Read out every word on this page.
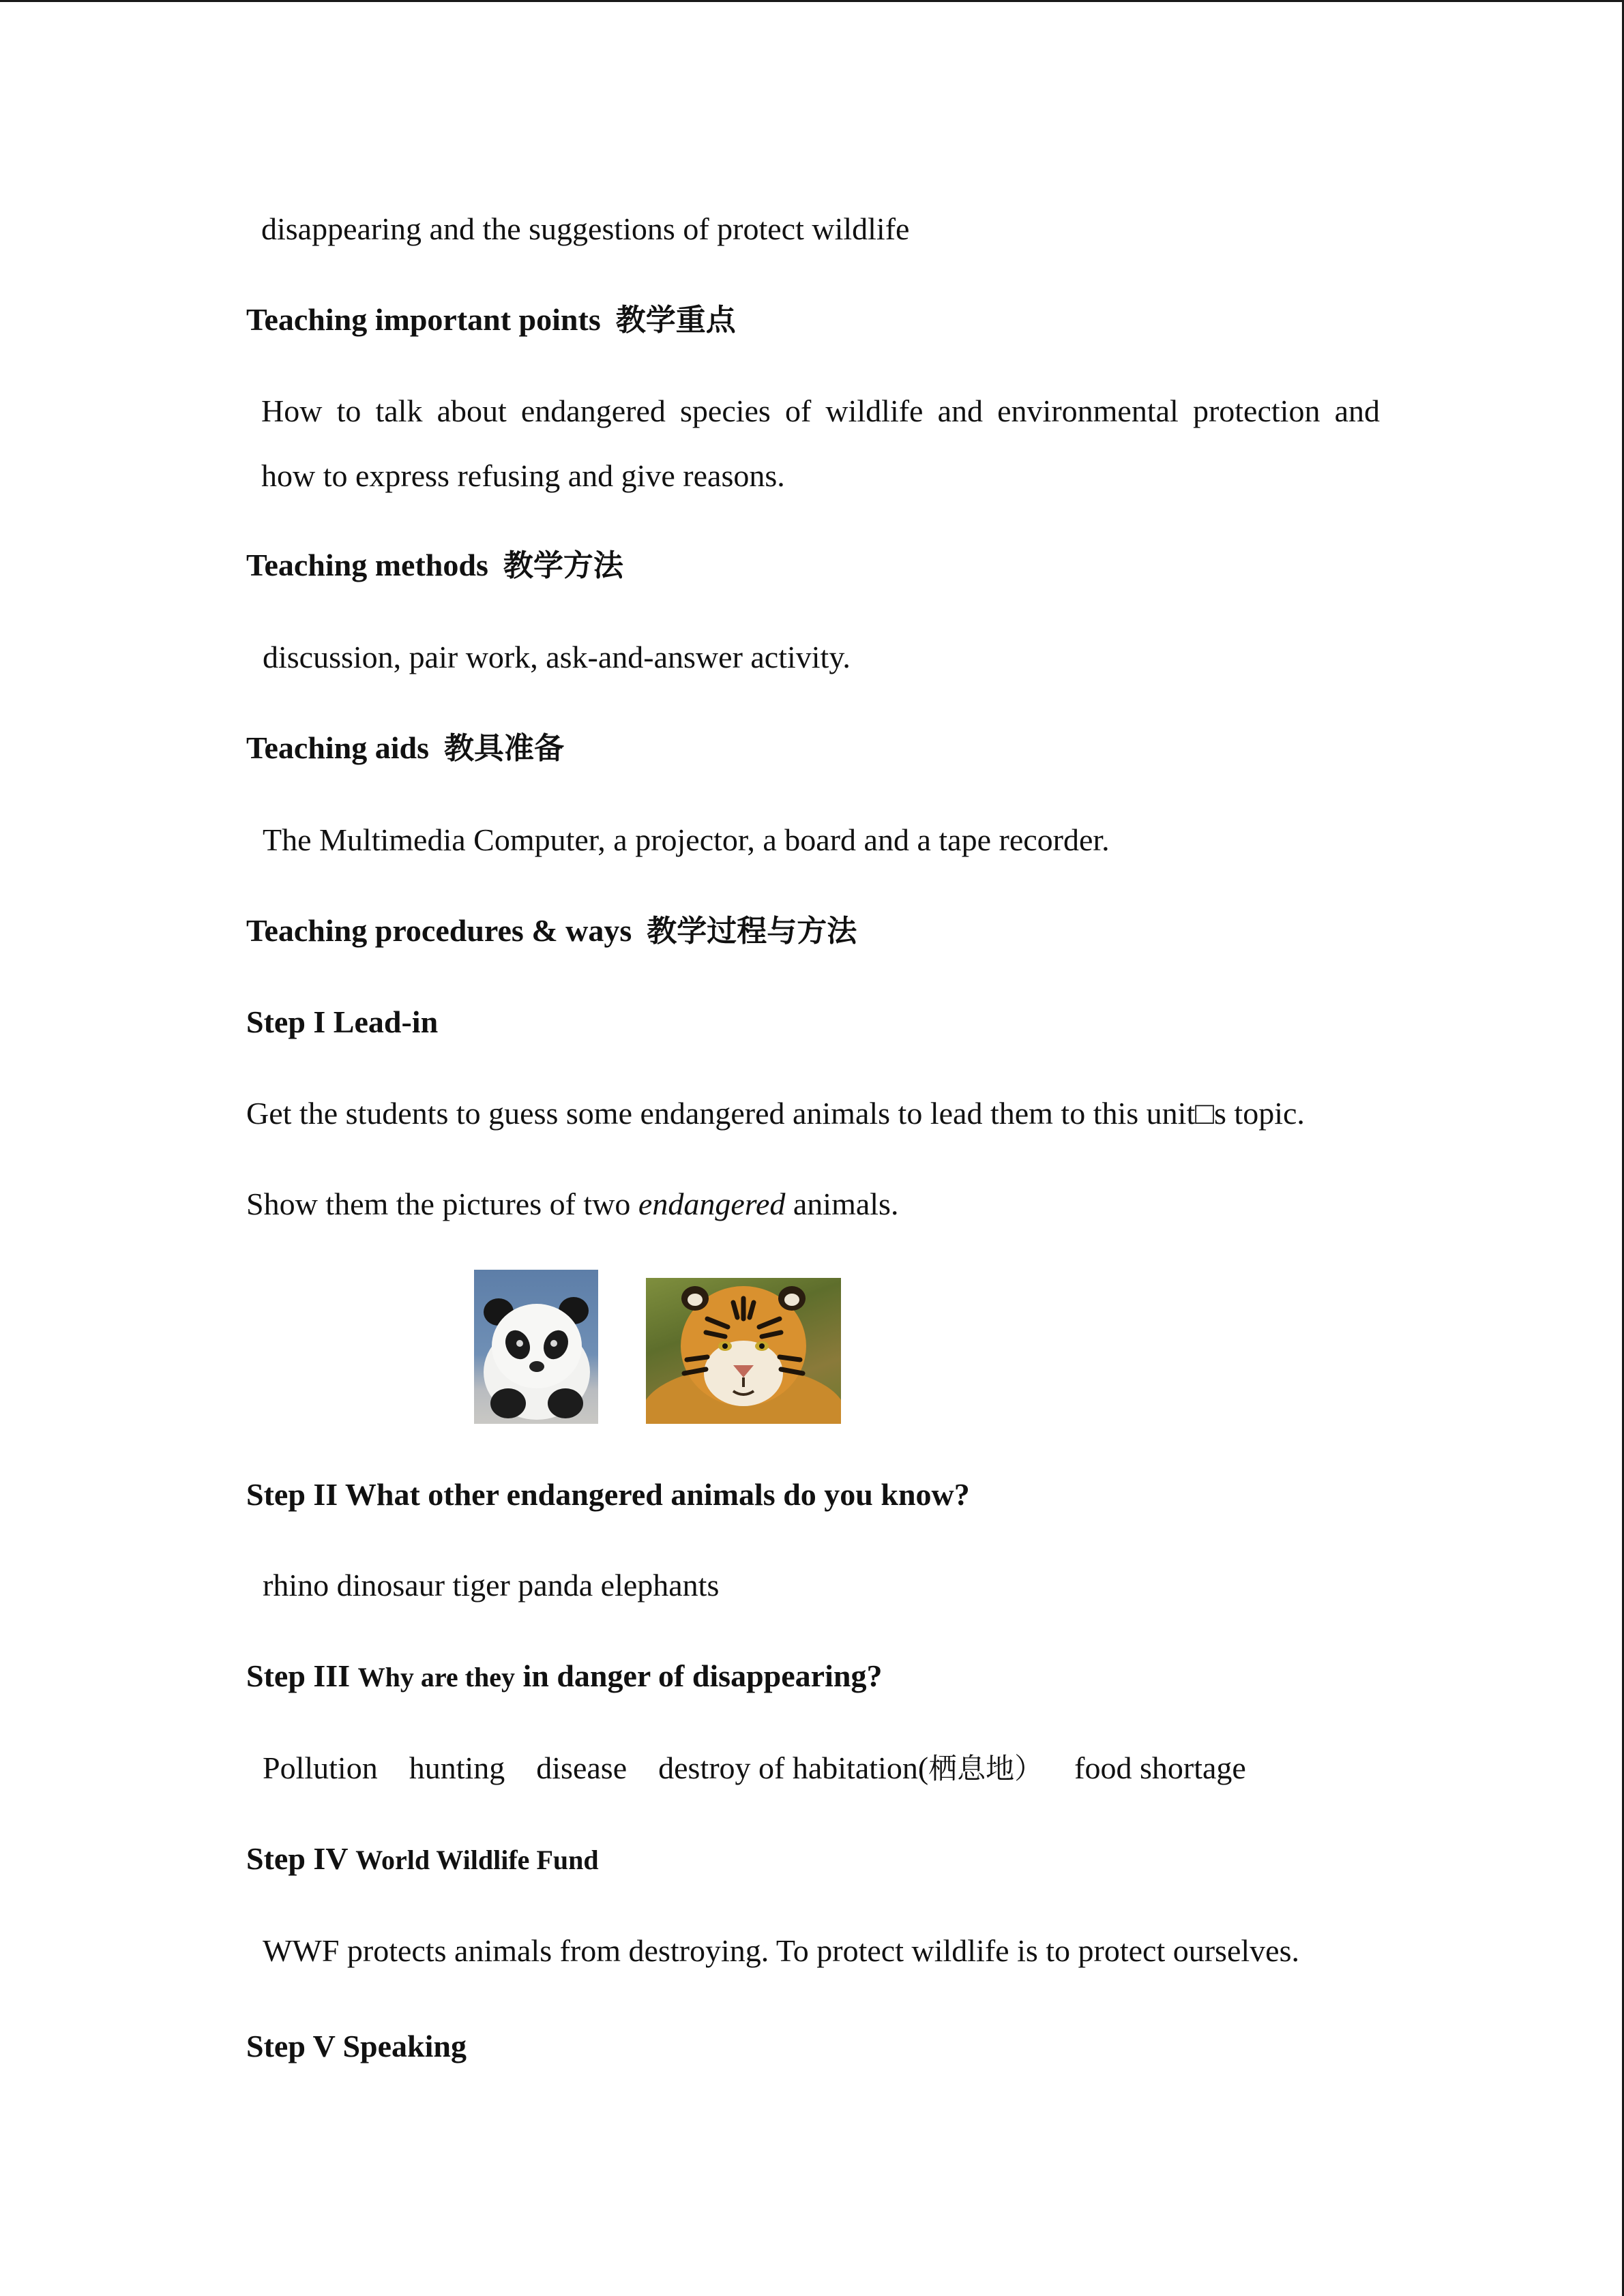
disappearing and the suggestions of protect wildlife
Teaching important points 教学重点
How to talk about endangered species of wildlife and environmental protection and
how to express refusing and give reasons.
Teaching methods 教学方法
discussion, pair work, ask-and-answer activity.
Teaching aids 教具准备
The Multimedia Computer, a projector, a board and a tape recorder.
Teaching procedures & ways 教学过程与方法
Step I Lead-in
Get the students to guess some endangered animals to lead them to this unit□s topic.
Show them the pictures of two endangered animals.
Step II What other endangered animals do you know?
rhino dinosaur tiger panda elephants
Step III Why are they in danger of disappearing?
Pollution hunting disease destroy of habitation(栖息地） food shortage
Step IV World Wildlife Fund
WWF protects animals from destroying. To protect wildlife is to protect ourselves.
Step V Speaking
